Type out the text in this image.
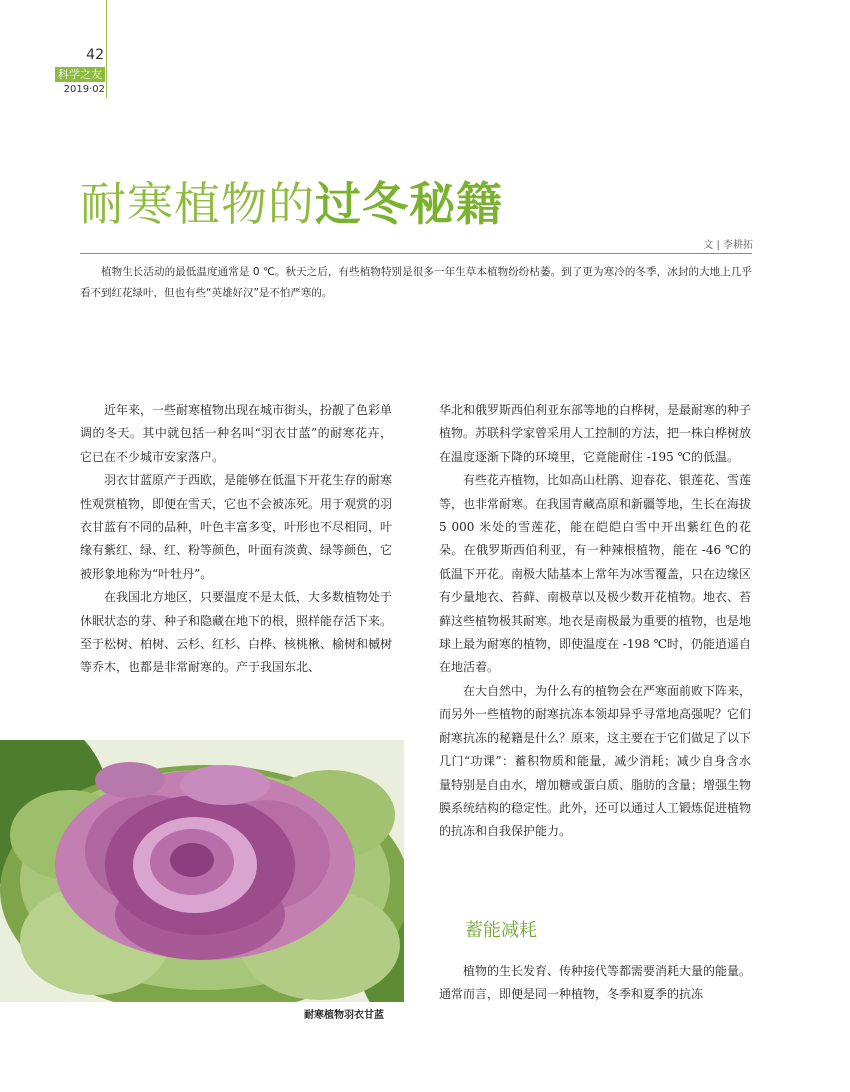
42
科学之友
2019·02
耐寒植物的过冬秘籍
文 | 李耕拓
植物生长活动的最低温度通常是 0 ℃。秋天之后，有些植物特别是很多一年生草本植物纷纷枯萎。到了更为寒冷的冬季，冰封的大地上几乎看不到红花绿叶，但也有些“英雄好汉”是不怕严寒的。

近年来，一些耐寒植物出现在城市街头，扮靓了色彩单调的冬天。其中就包括一种名叫“羽衣甘蓝”的耐寒花卉，它已在不少城市安家落户。

羽衣甘蓝原产于西欧，是能够在低温下开花生存的耐寒性观赏植物，即便在雪天，它也不会被冻死。用于观赏的羽衣甘蓝有不同的品种，叶色丰富多变，叶形也不尽相同，叶缘有紫红、绿、红、粉等颜色，叶面有淡黄、绿等颜色，它被形象地称为“叶牡丹”。

在我国北方地区，只要温度不是太低，大多数植物处于休眠状态的芽、种子和隐藏在地下的根，照样能存活下来。至于松树、柏树、云杉、红杉、白桦、核桃楸、榆树和槭树等乔木，也都是非常耐寒的。产于我国东北、

华北和俄罗斯西伯利亚东部等地的白桦树，是最耐寒的种子植物。苏联科学家曾采用人工控制的方法，把一株白桦树放在温度逐渐下降的环境里，它竟能耐住 -195 ℃的低温。

有些花卉植物，比如高山杜鹃、迎春花、银莲花、雪莲等，也非常耐寒。在我国青藏高原和新疆等地，生长在海拔 5 000 米处的雪莲花，能在皑皑白雪中开出紫红色的花朵。在俄罗斯西伯利亚，有一种辣根植物，能在 -46 ℃的低温下开花。南极大陆基本上常年为冰雪覆盖，只在边缘区有少量地衣、苔藓、南极草以及极少数开花植物。地衣、苔藓这些植物极其耐寒。地衣是南极最为重要的植物，也是地球上最为耐寒的植物，即使温度在 -198 ℃时，仍能逍遥自在地活着。

在大自然中，为什么有的植物会在严寒面前败下阵来，而另外一些植物的耐寒抗冻本领却异乎寻常地高强呢？它们耐寒抗冻的秘籍是什么？原来，这主要在于它们做足了以下几门“功课”：蓄积物质和能量，减少消耗；减少自身含水量特别是自由水，增加糖或蛋白质、脂肪的含量；增强生物膜系统结构的稳定性。此外，还可以通过人工锻炼促进植物的抗冻和自我保护能力。

蓄能减耗

植物的生长发育、传种接代等都需要消耗大量的能量。通常而言，即便是同一种植物，冬季和夏季的抗冻

耐寒植物羽衣甘蓝
